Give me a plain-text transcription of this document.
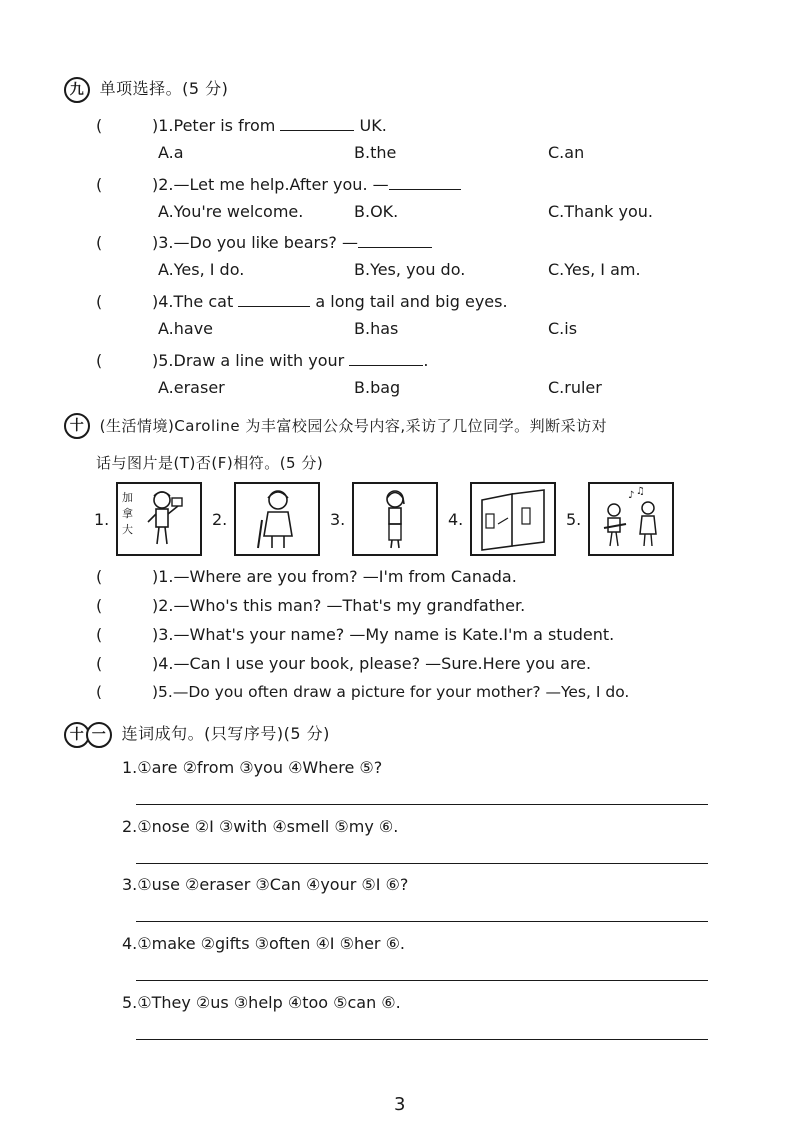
九 单项选择。(5 分)
(	)1.Peter is from	UK.
A.a	B.the	C.an
(	)2.—Let me help.After you. —
A.You're welcome.	B.OK.	C.Thank you.
(	)3.—Do you like bears? —
A.Yes, I do.	B.Yes, you do.	C.Yes, I am.
(	)4.The cat	a long tail and big eyes.
A.have	B.has	C.is
(	)5.Draw a line with your	.
A.eraser	B.bag	C.ruler
十 (生活情境)Caroline 为丰富校园公众号内容,采访了几位同学。判断采访对
话与图片是(T)否(F)相符。(5 分)
1.
加拿大
2.	3.	4.	5.
♪ ♫
(	)1.—Where are you from? —I'm from Canada.
(	)2.—Who's this man? —That's my grandfather.
(	)3.—What's your name? —My name is Kate.I'm a student.
(	)4.—Can I use your book, please? —Sure.Here you are.
(	)5.—Do you often draw a picture for your mother? —Yes, I do.
十 一 连词成句。(只写序号)(5 分)
1.①are ②from ③you ④Where ⑤?
2.①nose ②I ③with ④smell ⑤my ⑥.
3.①use ②eraser ③Can ④your ⑤I ⑥?
4.①make ②gifts ③often ④I ⑤her ⑥.
5.①They ②us ③help ④too ⑤can ⑥.
3
